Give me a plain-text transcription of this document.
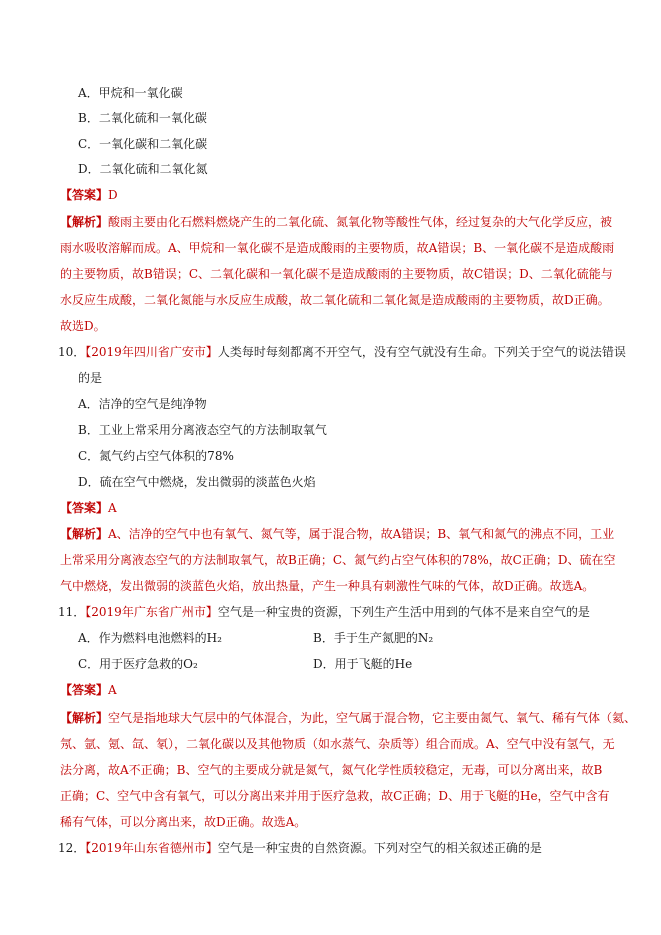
A．甲烷和一氧化碳
B．二氧化硫和一氧化碳
C．一氧化碳和二氧化碳
D．二氧化硫和二氧化氮
【答案】D
【解析】酸雨主要由化石燃料燃烧产生的二氧化硫、氮氧化物等酸性气体，经过复杂的大气化学反应，被
雨水吸收溶解而成。A、甲烷和一氧化碳不是造成酸雨的主要物质，故A错误；B、一氧化碳不是造成酸雨
的主要物质，故B错误；C、二氧化碳和一氧化碳不是造成酸雨的主要物质，故C错误；D、二氧化硫能与
水反应生成酸，二氧化氮能与水反应生成酸，故二氧化硫和二氧化氮是造成酸雨的主要物质，故D正确。
故选D。
10．【2019年四川省广安市】人类每时每刻都离不开空气，没有空气就没有生命。下列关于空气的说法错误
的是
A．洁净的空气是纯净物
B．工业上常采用分离液态空气的方法制取氧气
C．氮气约占空气体积的78%
D．硫在空气中燃烧，发出微弱的淡蓝色火焰
【答案】A
【解析】A、洁净的空气中也有氧气、氮气等，属于混合物，故A错误；B、氧气和氮气的沸点不同，工业
上常采用分离液态空气的方法制取氧气，故B正确；C、氮气约占空气体积的78%，故C正确；D、硫在空
气中燃烧，发出微弱的淡蓝色火焰，放出热量，产生一种具有刺激性气味的气体，故D正确。故选A。
11．【2019年广东省广州市】空气是一种宝贵的资源，下列生产生活中用到的气体不是来自空气的是
A．作为燃料电池燃料的H₂	B．手于生产氮肥的N₂
C．用于医疗急救的O₂	D．用于飞艇的He
【答案】A
【解析】空气是指地球大气层中的气体混合，为此，空气属于混合物，它主要由氮气、氧气、稀有气体（氦、
氖、氩、氪、氙、氡），二氧化碳以及其他物质（如水蒸气、杂质等）组合而成。A、空气中没有氢气，无
法分离，故A不正确；B、空气的主要成分就是氮气，氮气化学性质较稳定，无毒，可以分离出来，故B
正确；C、空气中含有氧气，可以分离出来并用于医疗急救，故C正确；D、用于飞艇的He，空气中含有
稀有气体，可以分离出来，故D正确。故选A。
12．【2019年山东省德州市】空气是一种宝贵的自然资源。下列对空气的相关叙述正确的是
